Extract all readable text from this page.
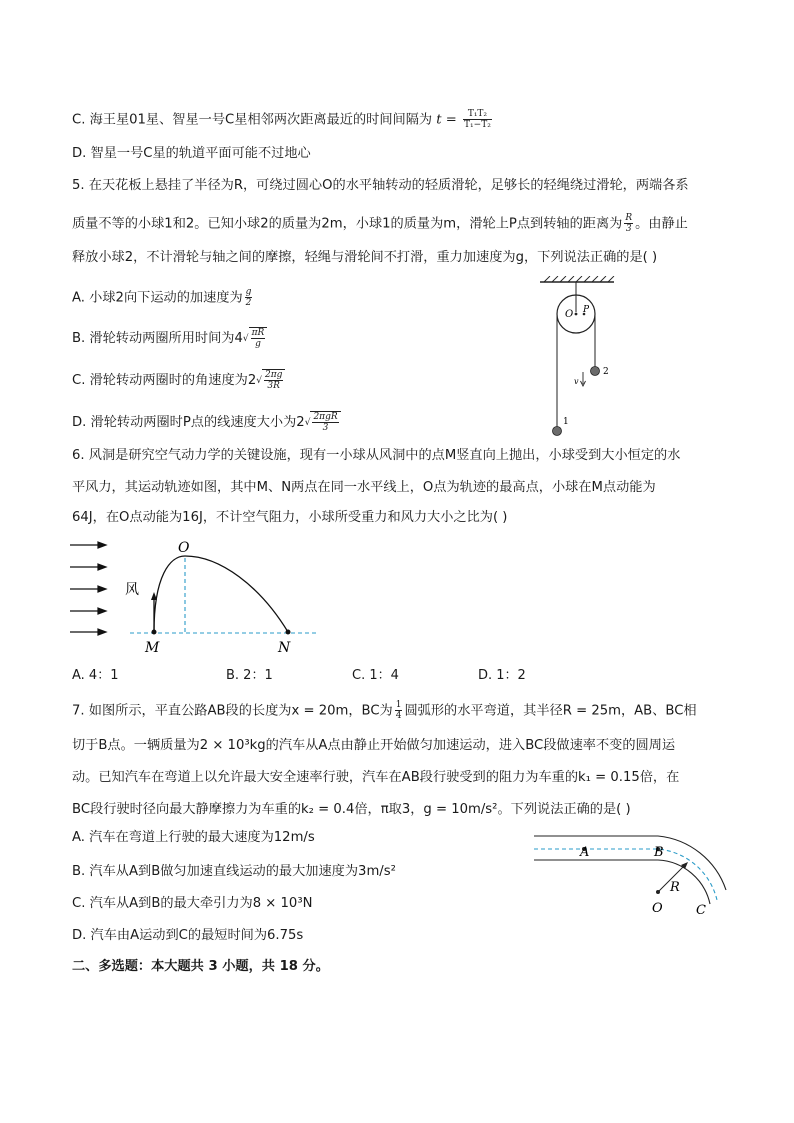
C. 海王星01星、智星一号C星相邻两次距离最近的时间间隔为 $t = \frac{\text{T₁T₂}}{\text{T₁−T₂}}$
D. 智星一号C星的轨道平面可能不过地心
5. 在天花板上悬挂了半径为R，可绕过圆心O的水平轴转动的轻质滑轮，足够长的轻绳绕过滑轮，两端各系
质量不等的小球1和2。已知小球2的质量为2m，小球1的质量为m，滑轮上P点到转轴的距离为 $\frac{R}{3}$ 。由静止
释放小球2，不计滑轮与轴之间的摩擦，轻绳与滑轮间不打滑，重力加速度为g，下列说法正确的是( )
A. 小球2向下运动的加速度为 $\frac{g}{2}$
B. 滑轮转动两圈所用时间为$4√ \frac{\pi R}{g}$
C. 滑轮转动两圈时的角速度为$2√ \frac{2\pi g}{3R}$
D. 滑轮转动两圈时P点的线速度大小为$2√ \frac{\text{2πgR}}{3}$
O P
2
1
v
6. 风洞是研究空气动力学的关键设施，现有一小球从风洞中的点M竖直向上抛出，小球受到大小恒定的水
平风力，其运动轨迹如图，其中M、N两点在同一水平线上，O点为轨迹的最高点，小球在M点动能为
64J，在O点动能为16J，不计空气阻力，小球所受重力和风力大小之比为( )
风
O
M	N
A. 4：1	B. 2：1	C. 1：4	D. 1：2
7. 如图所示，平直公路AB段的长度为x = 20m，BC为 $\frac{1}{4}$ 圆弧形的水平弯道，其半径R = 25m，AB、BC相
切于B点。一辆质量为2 × 10³kg的汽车从A点由静止开始做匀加速运动，进入BC段做速率不变的圆周运
动。已知汽车在弯道上以允许最大安全速率行驶，汽车在AB段行驶受到的阻力为车重的k₁ = 0.15倍，在
BC段行驶时径向最大静摩擦力为车重的k₂ = 0.4倍，π取3，g = 10m/s²。下列说法正确的是( )
A. 汽车在弯道上行驶的最大速度为12m/s
B. 汽车从A到B做匀加速直线运动的最大加速度为3m/s²
C. 汽车从A到B的最大牵引力为8 × 10³N
D. 汽车由A运动到C的最短时间为6.75s
A	B
R
O	C
二、多选题：本大题共 3 小题，共 18 分。
